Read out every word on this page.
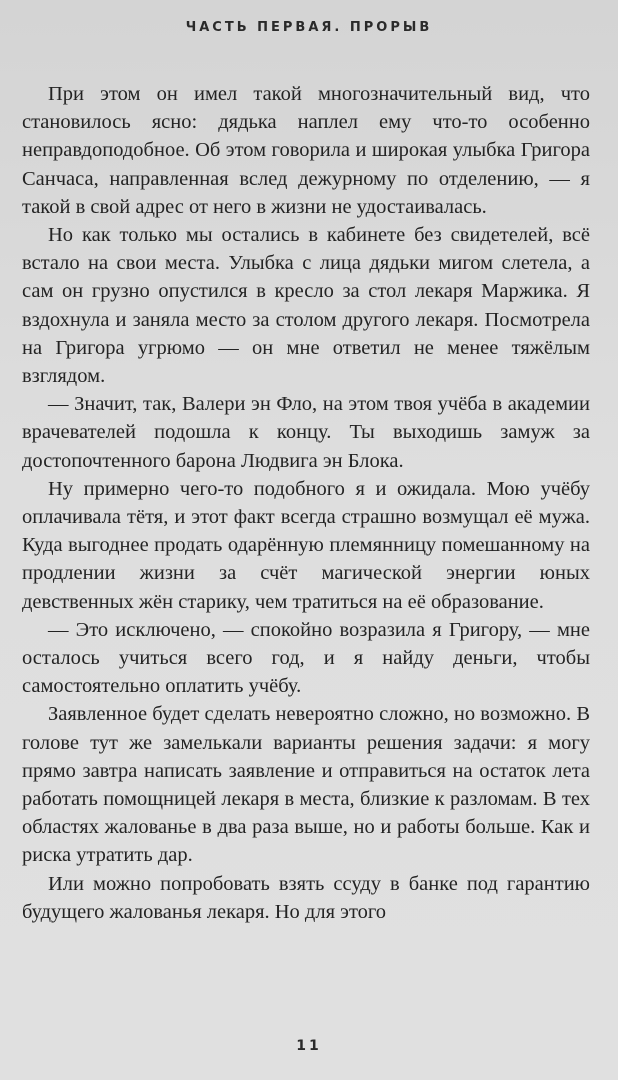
ЧАСТЬ ПЕРВАЯ. ПРОРЫВ

При этом он имел такой многозначительный вид, что становилось ясно: дядька наплел ему что-то особенно неправдоподобное. Об этом говорила и широкая улыбка Григора Санчаса, направленная вслед дежурному по отделению, — я такой в свой адрес от него в жизни не удостаивалась.

Но как только мы остались в кабинете без свидетелей, всё встало на свои места. Улыбка с лица дядьки мигом слетела, а сам он грузно опустился в кресло за стол лекаря Маржика. Я вздохнула и заняла место за столом другого лекаря. Посмотрела на Григора угрюмо — он мне ответил не менее тяжёлым взглядом.

— Значит, так, Валери эн Фло, на этом твоя учёба в академии врачевателей подошла к концу. Ты выходишь замуж за достопочтенного барона Людвига эн Блока.

Ну примерно чего-то подобного я и ожидала. Мою учёбу оплачивала тётя, и этот факт всегда страшно возмущал её мужа. Куда выгоднее продать одарённую племянницу помешанному на продлении жизни за счёт магической энергии юных девственных жён старику, чем тратиться на её образование.

— Это исключено, — спокойно возразила я Григору, — мне осталось учиться всего год, и я найду деньги, чтобы самостоятельно оплатить учёбу.

Заявленное будет сделать невероятно сложно, но возможно. В голове тут же замелькали варианты решения задачи: я могу прямо завтра написать заявление и отправиться на остаток лета работать помощницей лекаря в места, близкие к разломам. В тех областях жалованье в два раза выше, но и работы больше. Как и риска утратить дар.

Или можно попробовать взять ссуду в банке под гарантию будущего жалованья лекаря. Но для этого

11
